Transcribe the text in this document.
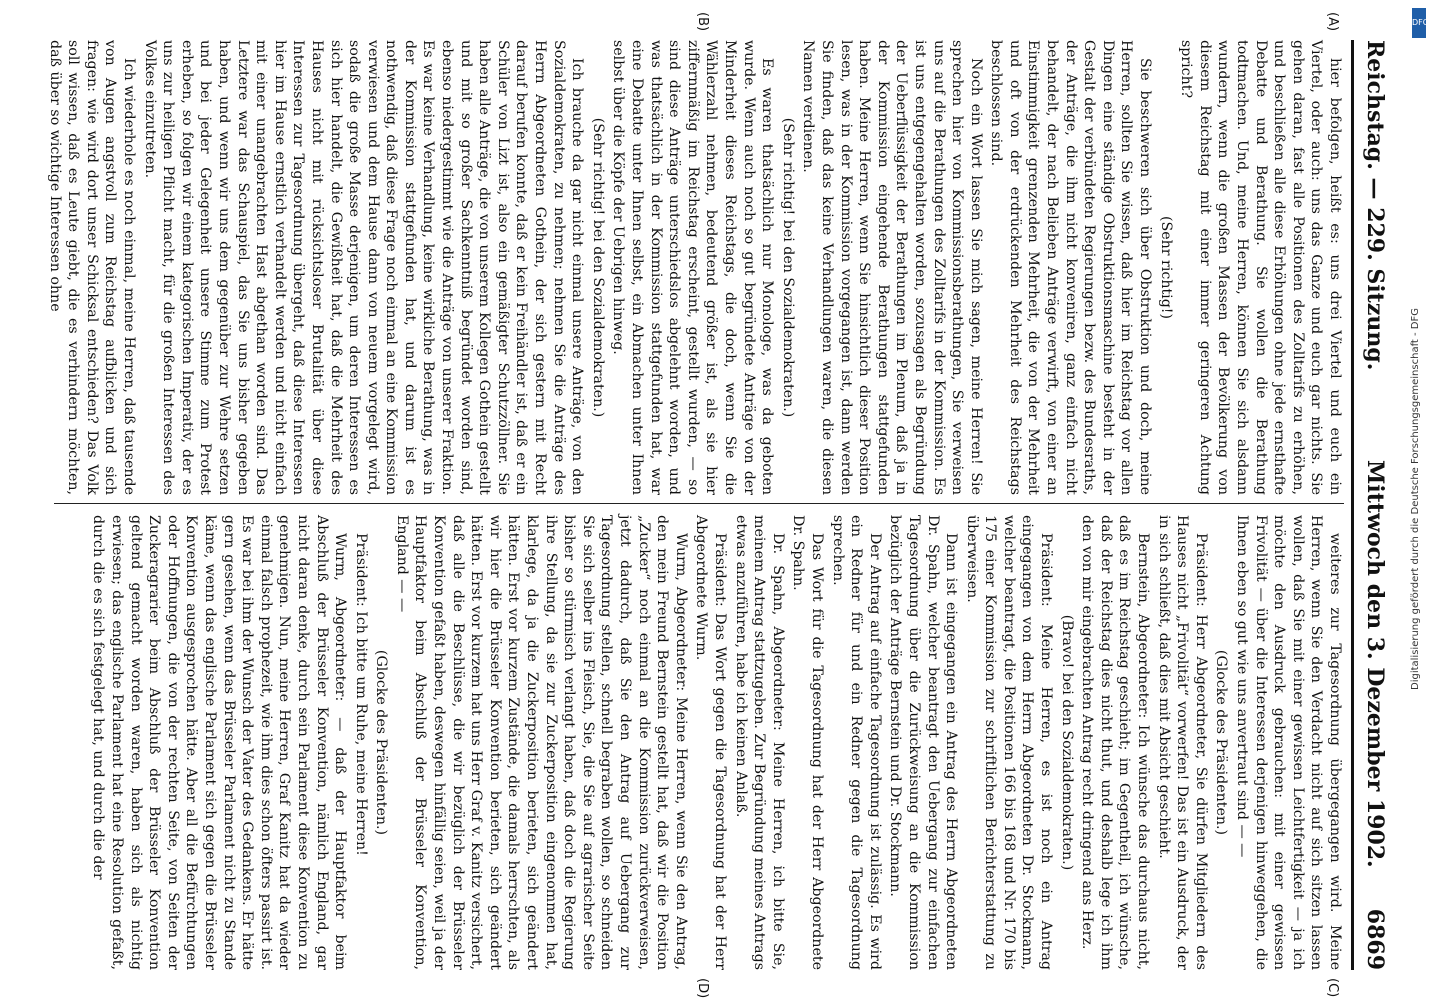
Reichstag. — 229. Sitzung.
Mittwoch den 3. Dezember 1902.
6869
(A)
(B)
(C)
(D)

hier befolgen, heißt es: uns drei Viertel und euch ein Viertel, oder auch: uns das Ganze und euch gar nichts. Sie gehen daran, fast alle Positionen des Zolltarifs zu erhöhen, und beschließen alle diese Erhöhungen ohne jede ernsthafte Debatte und Berathung. Sie wollen die Berathung todtmachen. Und, meine Herren, können Sie sich alsdann wundern, wenn die großen Massen der Bevölkerung von diesem Reichstag mit einer immer geringeren Achtung spricht?

(Sehr richtig!)

Sie beschweren sich über Obstruktion und doch, meine Herren, sollten Sie wissen, daß hier im Reichstag vor allen Dingen eine ständige Obstruktionsmaschine besteht in der Gestalt der verbündeten Regierungen bezw. des Bundesraths, der Anträge, die ihm nicht konveniren, ganz einfach nicht behandelt, der nach Belieben Anträge verwirft, von einer an Einstimmigkeit grenzenden Mehrheit, die von der Mehrheit und oft von der erdrückenden Mehrheit des Reichstags beschlossen sind.

Noch ein Wort lassen Sie mich sagen, meine Herren! Sie sprechen hier von Kommissionsberathungen, Sie verweisen uns auf die Berathungen des Zolltarifs in der Kommission. Es ist uns entgegengehalten worden, sozusagen als Begründung der Ueberflüssigkeit der Berathungen im Plenum, daß ja in der Kommission eingehende Berathungen stattgefunden haben. Meine Herren, wenn Sie hinsichtlich dieser Position lesen, was in der Kommission vorgegangen ist, dann werden Sie finden, daß das keine Verhandlungen waren, die diesen Namen verdienen.

(Sehr richtig! bei den Sozialdemokraten.)

Es waren thatsächlich nur Monologe, was da geboten wurde. Wenn auch noch so gut begründete Anträge von der Minderheit dieses Reichstags, die doch, wenn Sie die Wählerzahl nehmen, bedeutend größer ist, als sie hier ziffernmäßig im Reichstag erscheint, gestellt wurden, — so sind diese Anträge unterschiedslos abgelehnt worden, und was thatsächlich in der Kommission stattgefunden hat, war eine Debatte unter Ihnen selbst, ein Abmachen unter Ihnen selbst über die Köpfe der Uebrigen hinweg.

(Sehr richtig! bei den Sozialdemokraten.)

Ich brauche da gar nicht einmal unsere Anträge, von den Sozialdemokraten, zu nehmen; nehmen Sie die Anträge des Herrn Abgeordneten Gothein, der sich gestern mit Recht darauf berufen konnte, daß er kein Freihändler ist, daß er ein Schüler von Lizt ist, also ein gemäßigter Schutzzöllner. Sie haben alle Anträge, die von unserem Kollegen Gothein gestellt und mit so großer Sachkenntniß begründet worden sind, ebenso niedergestimmt wie die Anträge von unserer Fraktion. Es war keine Verhandlung, keine wirkliche Berathung, was in der Kommission stattgefunden hat, und darum ist es nothwendig, daß diese Frage noch einmal an eine Kommission verwiesen und dem Hause dann von neuem vorgelegt wird, sodaß die große Masse derjenigen, um deren Interessen es sich hier handelt, die Gewißheit hat, daß die Mehrheit des Hauses nicht mit rücksichtsloser Brutalität über diese Interessen zur Tagesordnung übergeht, daß diese Interessen hier im Hause ernstlich verhandelt werden und nicht einfach mit einer unangebrachten Hast abgethan worden sind. Das Letztere war das Schauspiel, das Sie uns bisher gegeben haben, und wenn wir uns dem gegenüber zur Wehre setzen und bei jeder Gelegenheit unsere Stimme zum Protest erheben, so folgen wir einem kategorischen Imperativ, der es uns zur heiligen Pflicht macht, für die großen Interessen des Volkes einzutreten.

Ich wiederhole es noch einmal, meine Herren, daß tausende von Augen angstvoll zum Reichstag aufblicken und sich fragen: wie wird dort unser Schicksal entschieden? Das Volk soll wissen, daß es Leute giebt, die es verhindern möchten, daß über so wichtige Interessen ohne

weiteres zur Tagesordnung übergegangen wird. Meine Herren, wenn Sie den Verdacht nicht auf sich sitzen lassen wollen, daß Sie mit einer gewissen Leichtfertigkeit — ja ich möchte den Ausdruck gebrauchen: mit einer gewissen Frivolität — über die Interessen derjenigen hinweggehen, die Ihnen eben so gut wie uns anvertraut sind — —

(Glocke des Präsidenten.)

Präsident: Herr Abgeordneter, Sie dürfen Mitgliedern des Hauses nicht „Frivolität“ vorwerfen! Das ist ein Ausdruck, der in sich schließt, daß dies mit Absicht geschieht.

Bernstein, Abgeordneter: Ich wünsche das durchaus nicht, daß es im Reichstag geschieht; im Gegentheil, ich wünsche, daß der Reichstag dies nicht thut, und deshalb lege ich ihm den von mir eingebrachten Antrag recht dringend ans Herz.

(Bravo! bei den Sozialdemokraten.)

Präsident: Meine Herren, es ist noch ein Antrag eingegangen von dem Herrn Abgeordneten Dr. Stockmann, welcher beantragt, die Positionen 166 bis 168 und Nr. 170 bis 175 einer Kommission zur schriftlichen Berichterstattung zu überweisen.

Dann ist eingegangen ein Antrag des Herrn Abgeordneten Dr. Spahn, welcher beantragt den Uebergang zur einfachen Tagesordnung über die Zurückweisung an die Kommission bezüglich der Anträge Bernstein und Dr. Stockmann.

Der Antrag auf einfache Tagesordnung ist zulässig. Es wird ein Redner für und ein Redner gegen die Tagesordnung sprechen.

Das Wort für die Tagesordnung hat der Herr Abgeordnete Dr. Spahn.

Dr. Spahn, Abgeordneter: Meine Herren, ich bitte Sie, meinem Antrag stattzugeben. Zur Begründung meines Antrags etwas anzuführen, habe ich keinen Anlaß.

Präsident: Das Wort gegen die Tagesordnung hat der Herr Abgeordnete Wurm.

Wurm, Abgeordneter: Meine Herren, wenn Sie den Antrag, den mein Freund Bernstein gestellt hat, daß wir die Position „Zucker“ noch einmal an die Kommission zurückverweisen, jetzt dadurch, daß Sie den Antrag auf Uebergang zur Tagesordnung stellen, schnell begraben wollen, so schneiden Sie sich selber ins Fleisch, Sie, die Sie auf agrarischer Seite bisher so stürmisch verlangt haben, daß doch die Regierung ihre Stellung, da sie zur Zuckerposition eingenommen hat, klarlege, da ja die Zuckerposition berieten, sich geändert hätten. Erst vor kurzem Zustände, die damals herrschten, als wir hier die Brüsseler Konvention berieten, sich geändert hätten. Erst vor kurzem hat uns Herr Graf v. Kanitz versichert, daß alle die Beschlüsse, die wir bezüglich der Brüsseler Konvention gefaßt haben, deswegen hinfällig seien, weil ja der Hauptfaktor beim Abschluß der Brüsseler Konvention, England — —

(Glocke des Präsidenten.)

Präsident: Ich bitte um Ruhe, meine Herren!

Wurm, Abgeordneter: — daß der Hauptfaktor beim Abschluß der Brüsseler Konvention, nämlich England, gar nicht daran denke, durch sein Parlament diese Konvention zu genehmigen. Nun, meine Herren, Graf Kanitz hat da wieder einmal falsch prophezeit, wie ihm dies schon öfters passirt ist. Es war bei ihm der Wunsch der Vater des Gedankens. Er hätte gern gesehen, wenn das Brüsseler Parlament nicht zu Stande käme, wenn das englische Parlament sich gegen die Brüsseler Konvention ausgesprochen hätte. Aber all die Befürchtungen oder Hoffnungen, die von der rechten Seite, von Seiten der Zuckeragrarier beim Abschluß der Brüsseler Konvention geltend gemacht worden waren, haben sich als nichtig erwiesen; das englische Parlament hat eine Resolution gefaßt, durch die es sich festgelegt hat, und durch die der

DFG
Digitalisierung gefördert durch die Deutsche Forschungsgemeinschaft - DFG
